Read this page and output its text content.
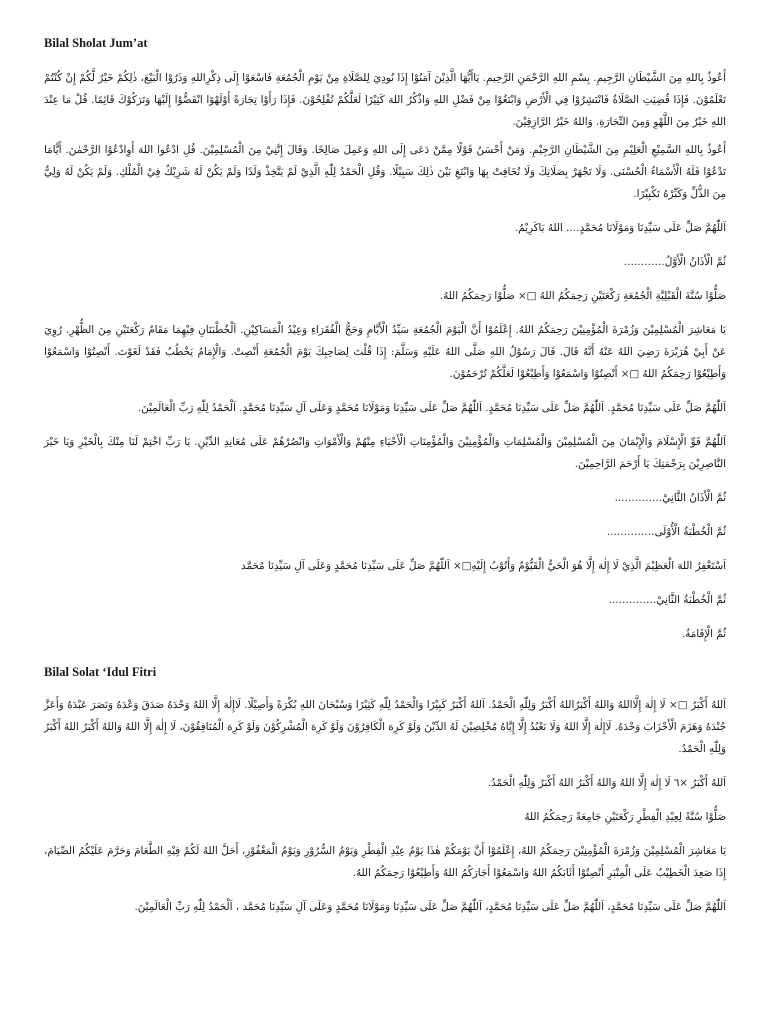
Bilal Sholat Jum’at

أَعُوذُ بِاللهِ مِنَ الشَّيْطَانِ الرَّجِيمِ. بِسْمِ اللهِ الرَّحْمَنِ الرَّحِيمِ. يَاأَيُّهَا الَّذِيْنَ آمَنُوْا إِذَا نُودِيَ لِلصَّلَاةِ مِنْ يَوْمِ الْجُمُعَةِ فَاسْعَوْا إِلَى ذِكْرِاللهِ وَذَرُوْا الْبَيْعَ، ذٰلِكُمْ خَيْرٌ لَّكُمْ إِنْ كُنْتُمْ تَعْلَمُوْنَ. فَإِذَا قُضِيَتِ الصَّلَاةُ فَانْتَشِرُوْا فِي الْأَرْضِ وَابْتَغُوْا مِنْ فَضْلِ اللهِ وَاذْكُرُ اللهَ كَثِيْرًا لَعَلَّكُمْ تُفْلِحُوْنَ. فَإِذَا رَأَوْا تِجَارَةً أَوْلَهْوًا انْفَضُّوْا إِلَيْهَا وَتَرَكُوْكَ قَائِمًا. قُلْ مَا عِنْدَ اللهِ خَيْرٌ مِنَ اللَّهْوِ وَمِنَ التِّجَارَةِ. وَاللهُ خَيْرُ الرَّازِقِيْنَ.

أَعُوذُ بِاللهِ السَّمِيْعِ الْعَلِيْمِ مِنَ الشَّيْطَانِ الرَّجِيْمِ. وَمَنْ أَحْسَنُ قَوْلًا مِمَّنْ دَعَى إِلَى اللهِ وَعَمِلَ صَالِحًا. وَقَالَ إِنَّنِيْ مِنَ الْمُسْلِمِيْنَ. قُلِ ادْعُوا اللهَ أَوِادْعُوْا الرَّحْمٰنَ. أَيًّامَا تَدْعُوْا فَلَهُ الْأَسْمَاءُ الْحُسْنَى. وَلَا تَجْهَرْ بِصَلَاتِكَ وَلَا تُخَافِتْ بِهَا وَابْتَغِ بَيْنَ ذٰلِكَ سَبِيْلًا. وَقُلِ الْحَمْدُ لِلّٰهِ الَّذِيْ لَمْ يَتَّخِذْ وَلَدًا وَلَمْ يَكُنْ لَهُ شَرِيْكٌ فِيْ الْمُلْكِ. وَلَمْ يَكُنْ لَهُ وَلِيٌّ مِنَ الذُّلِّ وَكَبِّرْهُ تَكْبِيْرًا.

اَللّٰهُمَّ صَلِّ عَلَى سَيِّدِنَا وَمَوْلَانَا مُحَمَّدٍ…. اللهُ يَاكَرِيْمُ.

ثُمَّ الْأَذَانُ الْأَوَّلُ…………

صَلُّوْا سُنَّةَ الْقَبْلِيَّةِ الْجُمُعَةِ رَكْعَتَيْنِ رَحِمَكُمُ اللهُ □× صَلُّوْا رَحِمَكُمُ اللهُ.

يَا مَعَاشِرَ الْمُسْلِمِيْنَ وَزُمْرَةَ الْمُؤْمِنِيْنَ رَحِمَكُمُ اللهُ. إِعْلَمُوْا أَنَّ الْيَوْمَ الْجُمُعَةِ سَيِّدُ الْأَيَّامِ وَحَجُّ الْفُقَرَاءِ وَعِيْدُ الْمَسَاكِيْنِ. اَلْخُطْبَتَانِ فِيْهِمَا مَقَامُ رَكْعَتَيْنِ مِنَ الظُّهْرِ. رُوِيَ عَنْ أَبِيْ هُرَيْرَةَ رَضِيَ اللهُ عَنْهُ أَنَّهُ قَالَ. قَالَ رَسُوْلُ اللهِ صَلَّى اللهُ عَلَيْهِ وَسَلَّمَ: إِذَا قُلْتَ لِصَاحِبِكَ يَوْمَ الْجُمُعَةِ أَنْصِتْ. وَالْإِمَامُ يَخْطُبُ فَقَدْ لَغَوْتَ. أَنْصِتُوْا وَاسْمَعُوْا وَأَطِيْعُوْا رَحِمَكُمُ اللهُ □× أَنْصِتُوْا وَاسْمَعُوْا وَأَطِيْعُوْا لَعَلَّكُمْ تُرْحَمُوْنَ.

اَللّٰهُمَّ صَلِّ عَلَى سَيِّدِنَا مُحَمَّدٍ. اَللّٰهُمَّ صَلِّ عَلَى سَيِّدِنَا مُحَمَّدٍ. اَللّٰهُمَّ صَلِّ عَلَى سَيِّدِنَا وَمَوْلَانَا مُحَمَّدٍ وَعَلَى آلِ سَيِّدِنَا مُحَمَّدٍ. اَلْحَمْدُ لِلّٰهِ رَبِّ الْعَالَمِيْنَ.

اَللّٰهُمَّ قَوِّ الْإِسْلَامَ وَالْإِيْمَانَ مِنَ الْمُسْلِمِيْنَ وَالْمُسْلِمَاتِ وَالْمُؤْمِنِيْنَ وَالْمُؤْمِنَاتِ الْأَحْيَاءِ مِنْهُمْ وَالْأَمْوَاتِ وَانْصُرْهُمْ عَلَى مُعَانِدِ الدِّيْنِ. يَا رَبِّ اخْتِمْ لَنَا مِنْكَ بِالْخَيْرِ وَيَا خَيْرَ النَّاصِرِيْنَ بِرَحْمَتِكَ يَا أَرْحَمَ الرَّاحِمِيْنَ.

ثُمَّ الْأَذَانُ الثَّانِيْ…………..

ثُمَّ الْخُطْبَةُ الْأُوْلَى…………..

اَسْتَغْفِرُ اللهَ الْعَظِيْمَ الَّذِيْ لَا إِلٰهَ إِلَّا هُوَ الْحَيُّ الْقَيُّوْمُ وَأَتُوْبُ إِلَيْهِ□× اَللّٰهُمَّ صَلِّ عَلَى سَيِّدِنَا مُحَمَّدٍ وَعَلَى آلِ سَيِّدِنَا مُحَمَّد

ثُمَّ الْخُطْبَةُ الثَّانِيْ…………..

ثُمَّ الْإِقَامَةُ.

Bilal Solat ‘Idul Fitri

اَللهُ أَكْبَرُ □× لَا إِلٰهَ إِلَّااللهُ وَاللهُ أَكْبَرُاللهُ أَكْبَرُ وَلِلّٰهِ الْحَمْدُ. اَللهُ أَكْبَرُ كَبِيْرًا وَالْحَمْدُ لِلّٰهِ كَثِيْرًا وَسُبْحَانَ اللهِ بُكْرَةً وَأَصِيْلًا. لَاإِلٰهَ إِلَّا اللهُ وَحْدَهُ صَدَقَ وَعْدَهُ وَنَصَرَ عَبْدَهُ وَأَعَزَّ جُنْدَهُ وَهَزَمَ الْأَحْزَابَ وَحْدَهُ. لَاإِلٰهَ إِلَّا اللهُ وَلَا نَعْبُدُ إِلَّا إِيَّاهُ مُخْلِصِيْنَ لَهُ الدِّيْنَ وَلَوْ كَرِهَ الْكَافِرُوْنَ وَلَوْ كَرِهَ الْمُشْرِكُوْنَ وَلَوْ كَرِهَ الْمُنَافِقُوْنَ، لَا إِلٰهَ إِلَّا اللهُ وَاللهُ أَكْبَرُ اللهُ أَكْبَرُ وَلِلّٰهِ الْحَمْدُ.

اَللهُ أَكْبَرُ ×٦ لَا إِلٰهَ إِلَّا اللهُ وَاللهُ أَكْبَرُ اللهُ أَكْبَرُ وَلِلّٰهِ الْحَمْدُ.

صَلُّوْا سُنَّةً لِعِيْدِ الْفِطْرِ رَكْعَتَيْنِ جَامِعَةً رَحِمَكُمُ اللهُ

يَا مَعَاشِرَ الْمُسْلِمِيْنَ وَزُمْرَةَ الْمُؤْمِنِيْنَ رَحِمَكُمُ اللهُ، إِعْلَمُوْا أَنَّ يَوْمَكُمْ هٰذَا يَوْمُ عِيْدِ الْفِطْرِ وَيَوْمُ السُّرُوْرِ وَيَوْمُ الْمَغْفُوْرِ، أَحَلَّ اللهُ لَكُمْ فِيْهِ الطَّعَامَ وَحَرَّمَ عَلَيْكُمُ الصِّيَامَ، إِذَا صَعِدَ الْخَطِيْبُ عَلَى الْمِنْبَرِ أَنْصِتُوْا أَثَابَكُمُ اللهُ وَاسْمَعُوْا أَجَارَكُمُ اللهُ وَأَطِيْعُوْا رَحِمَكُمُ اللهُ.

اَللّٰهُمَّ صَلِّ عَلَى سَيِّدِنَا مُحَمَّدٍ، اَللّٰهُمَّ صَلِّ عَلَى سَيِّدِنَا مُحَمَّدٍ، اَللّٰهُمَّ صَلِّ عَلَى سَيِّدِنَا وَمَوْلَانَا مُحَمَّدٍ وَعَلَى آلِ سَيِّدِنَا مُحَمَّد ، اَلْحَمْدُ لِلّٰهِ رَبِّ الْعَالَمِيْنَ.
